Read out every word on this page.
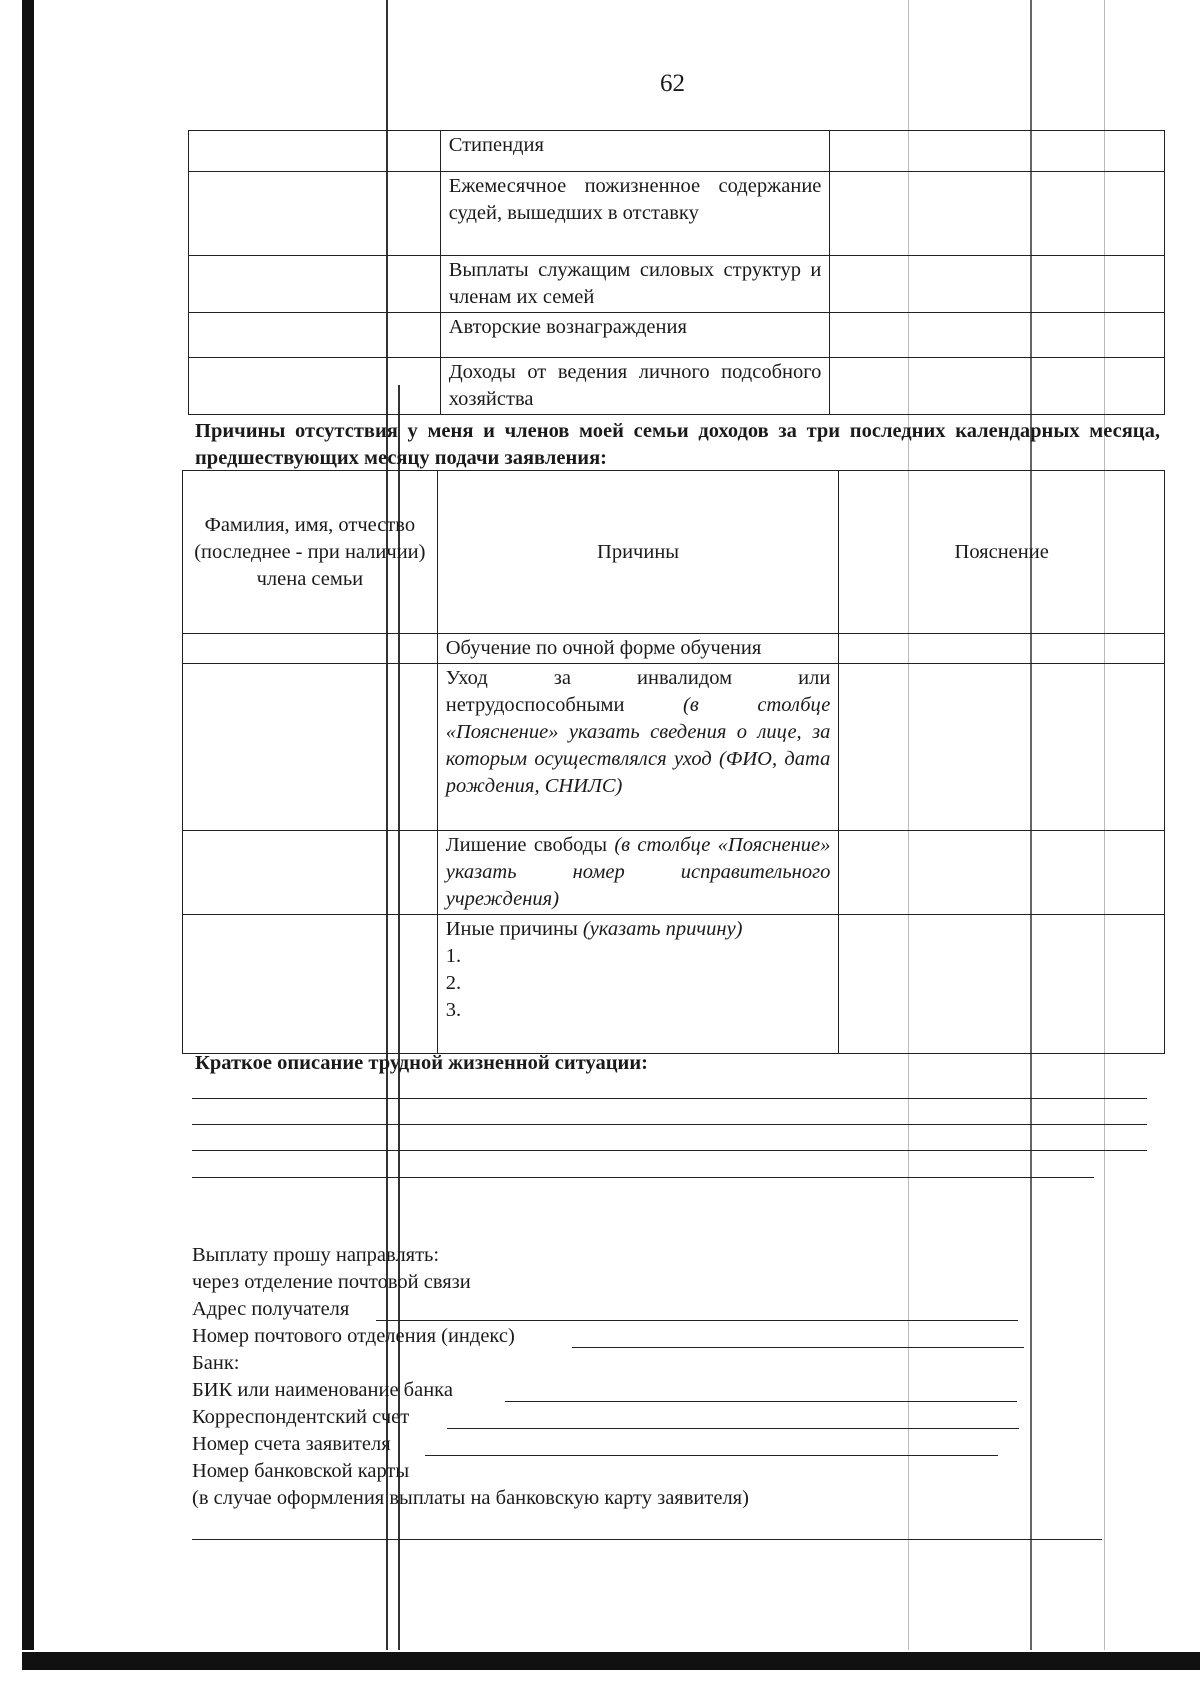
62
	Стипендия	
	Ежемесячное пожизненное содержание судей, вышедших в отставку	
	Выплаты служащим силовых структур и членам их семей	
	Авторские вознаграждения	
	Доходы от ведения личного подсобного хозяйства	
Причины отсутствия у меня и членов моей семьи доходов за три последних календарных месяца, предшествующих месяцу подачи заявления:
Фамилия, имя, отчество (последнее - при наличии) члена семьи	Причины	Пояснение
	Обучение по очной форме обучения	
	Уход за инвалидом или нетрудоспособными (в столбце «Пояснение» указать сведения о лице, за которым осуществлялся уход (ФИО, дата рождения, СНИЛС)	
	Лишение свободы (в столбце «Пояснение» указать номер исправительного учреждения)	

	Иные причины (указать причину)
1.
2.
3.	

Краткое описание трудной жизненной ситуации:
Выплату прошу направлять:
через отделение почтовой связи
Адрес получателя
Номер почтового отделения (индекс)
Банк:
БИК или наименование банка
Корреспондентский счет
Номер счета заявителя
Номер банковской карты
(в случае оформления выплаты на банковскую карту заявителя)
